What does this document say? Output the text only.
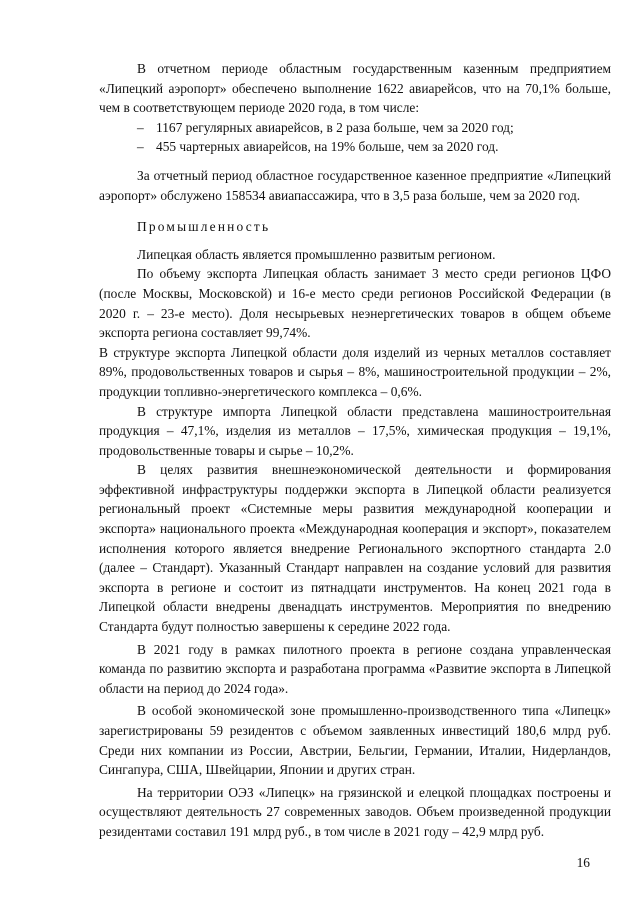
В отчетном периоде областным государственным казенным предприятием «Липецкий аэропорт» обеспечено выполнение 1622 авиарейсов, что на 70,1% больше, чем в соответствующем периоде 2020 года, в том числе:

– 1167 регулярных авиарейсов, в 2 раза больше, чем за 2020 год;
– 455 чартерных авиарейсов, на 19% больше, чем за 2020 год.

За отчетный период областное государственное казенное предприятие «Липецкий аэропорт» обслужено 158534 авиапассажира, что в 3,5 раза больше, чем за 2020 год.

Промышленность

Липецкая область является промышленно развитым регионом.

По объему экспорта Липецкая область занимает 3 место среди регионов ЦФО (после Москвы, Московской) и 16-е место среди регионов Российской Федерации (в 2020 г. – 23-е место). Доля несырьевых неэнергетических товаров в общем объеме экспорта региона составляет 99,74%.

В структуре экспорта Липецкой области доля изделий из черных металлов составляет 89%, продовольственных товаров и сырья – 8%, машиностроительной продукции – 2%, продукции топливно-энергетического комплекса – 0,6%.

В структуре импорта Липецкой области представлена машиностроительная продукция – 47,1%, изделия из металлов – 17,5%, химическая продукция – 19,1%, продовольственные товары и сырье – 10,2%.

В целях развития внешнеэкономической деятельности и формирования эффективной инфраструктуры поддержки экспорта в Липецкой области реализуется региональный проект «Системные меры развития международной кооперации и экспорта» национального проекта «Международная кооперация и экспорт», показателем исполнения которого является внедрение Регионального экспортного стандарта 2.0 (далее – Стандарт). Указанный Стандарт направлен на создание условий для развития экспорта в регионе и состоит из пятнадцати инструментов. На конец 2021 года в Липецкой области внедрены двенадцать инструментов. Мероприятия по внедрению Стандарта будут полностью завершены к середине 2022 года.

В 2021 году в рамках пилотного проекта в регионе создана управленческая команда по развитию экспорта и разработана программа «Развитие экспорта в Липецкой области на период до 2024 года».

В особой экономической зоне промышленно-производственного типа «Липецк» зарегистрированы 59 резидентов с объемом заявленных инвестиций 180,6 млрд руб. Среди них компании из России, Австрии, Бельгии, Германии, Италии, Нидерландов, Сингапура, США, Швейцарии, Японии и других стран.

На территории ОЭЗ «Липецк» на грязинской и елецкой площадках построены и осуществляют деятельность 27 современных заводов. Объем произведенной продукции резидентами составил 191 млрд руб., в том числе в 2021 году – 42,9 млрд руб.

16
